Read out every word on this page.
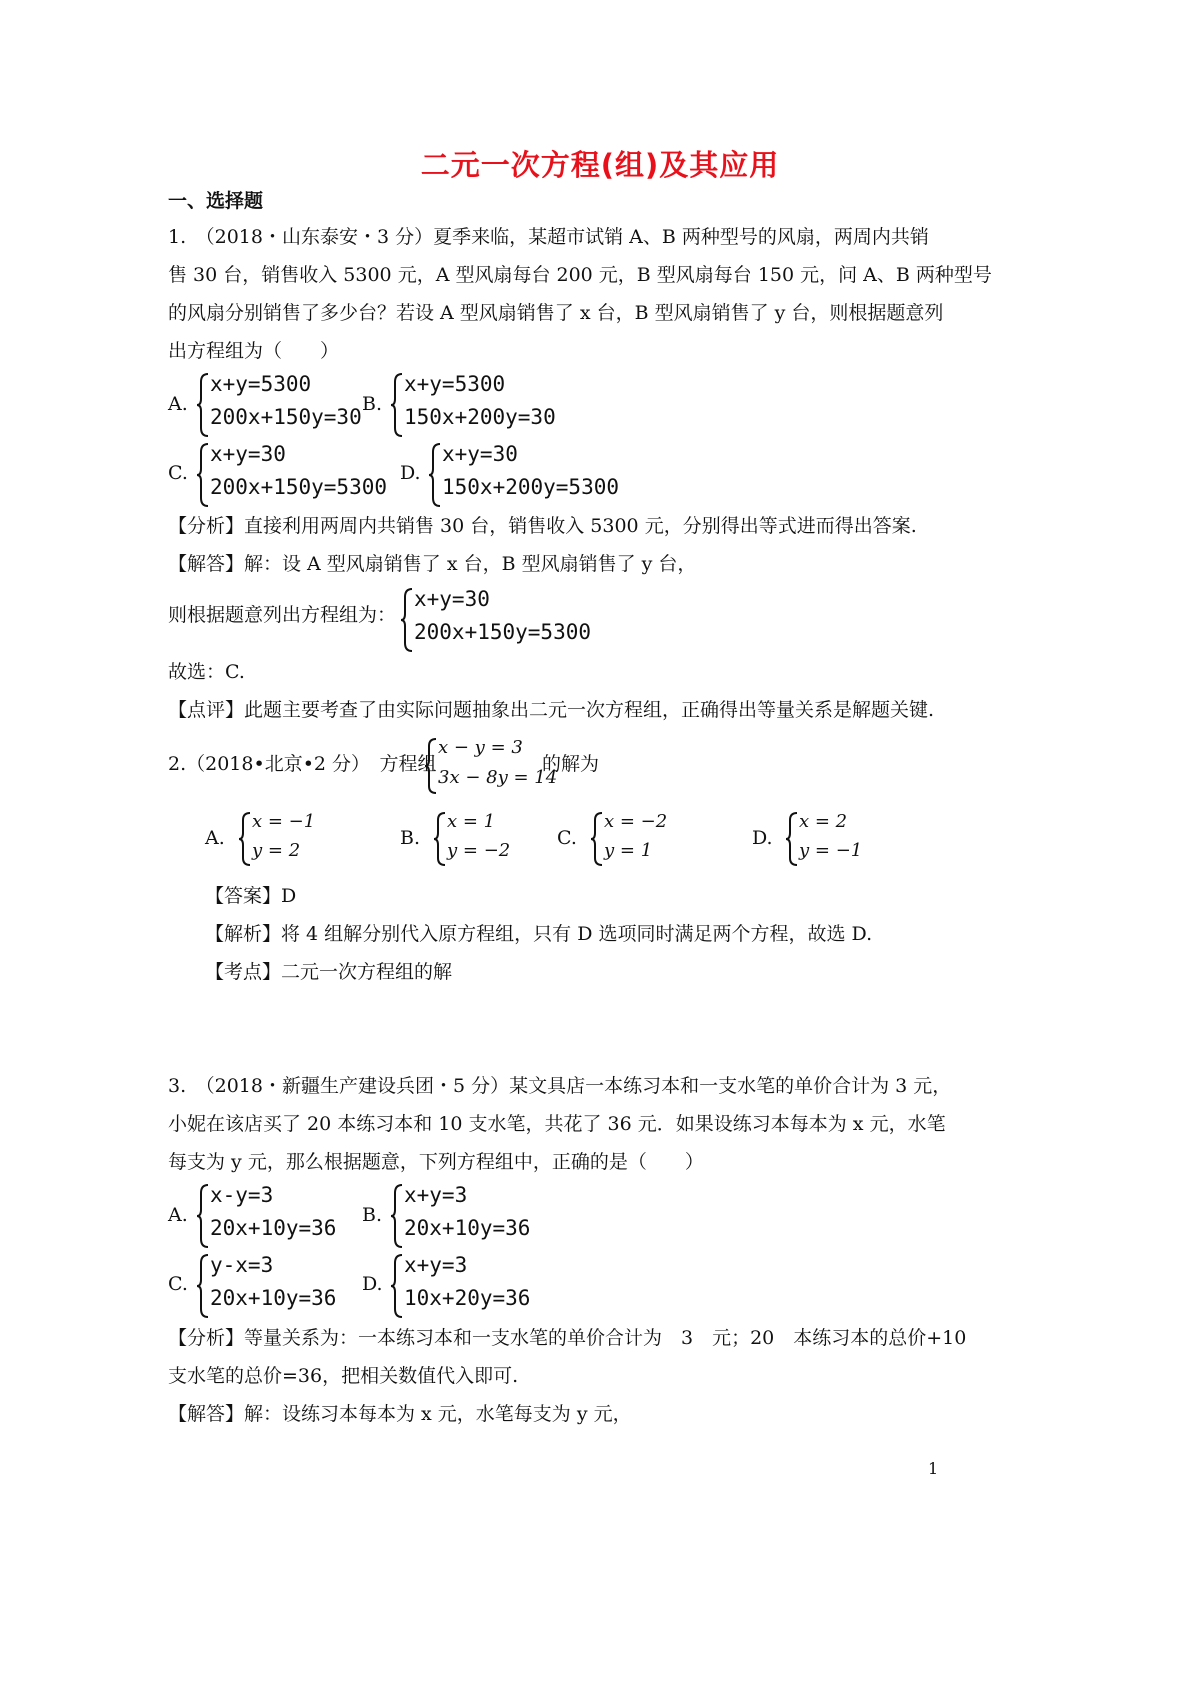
二元一次方程(组)及其应用
一、选择题
1.　（2018・山东泰安・3 分）夏季来临，某超市试销 A、B 两种型号的风扇，两周内共销
售 30 台，销售收入 5300 元，A 型风扇每台 200 元，B 型风扇每台 150 元，问 A、B 两种型号
的风扇分别销售了多少台？若设 A 型风扇销售了 x 台，B 型风扇销售了 y 台，则根据题意列
出方程组为（　　）
A.
x+y=5300
200x+150y=30
B.
x+y=5300
150x+200y=30
C.
x+y=30
200x+150y=5300
D.
x+y=30
150x+200y=5300
【分析】直接利用两周内共销售 30 台，销售收入 5300 元，分别得出等式进而得出答案.
【解答】解：设 A 型风扇销售了 x 台，B 型风扇销售了 y 台，
则根据题意列出方程组为：
x+y=30
200x+150y=5300
故选：C.
【点评】此题主要考查了由实际问题抽象出二元一次方程组，正确得出等量关系是解题关键.
2.（2018•北京•2 分）　方程组
x − y = 3
3x − 8y = 14
的解为
A.
x = −1
y = 2
B.
x = 1
y = −2
C.
x = −2
y = 1
D.
x = 2
y = −1
【答案】D
【解析】将 4 组解分别代入原方程组，只有 D 选项同时满足两个方程，故选 D.
【考点】二元一次方程组的解
3.　（2018・新疆生产建设兵团・5 分）某文具店一本练习本和一支水笔的单价合计为 3 元，
小妮在该店买了 20 本练习本和 10 支水笔，共花了 36 元．如果设练习本每本为 x 元，水笔
每支为 y 元，那么根据题意，下列方程组中，正确的是（　　）
A.
x-y=3
20x+10y=36
B.
x+y=3
20x+10y=36
C.
y-x=3
20x+10y=36
D.
x+y=3
10x+20y=36
【分析】等量关系为：一本练习本和一支水笔的单价合计为　3　元；20　本练习本的总价+10
支水笔的总价=36，把相关数值代入即可.
【解答】解：设练习本每本为 x 元，水笔每支为 y 元，
1
